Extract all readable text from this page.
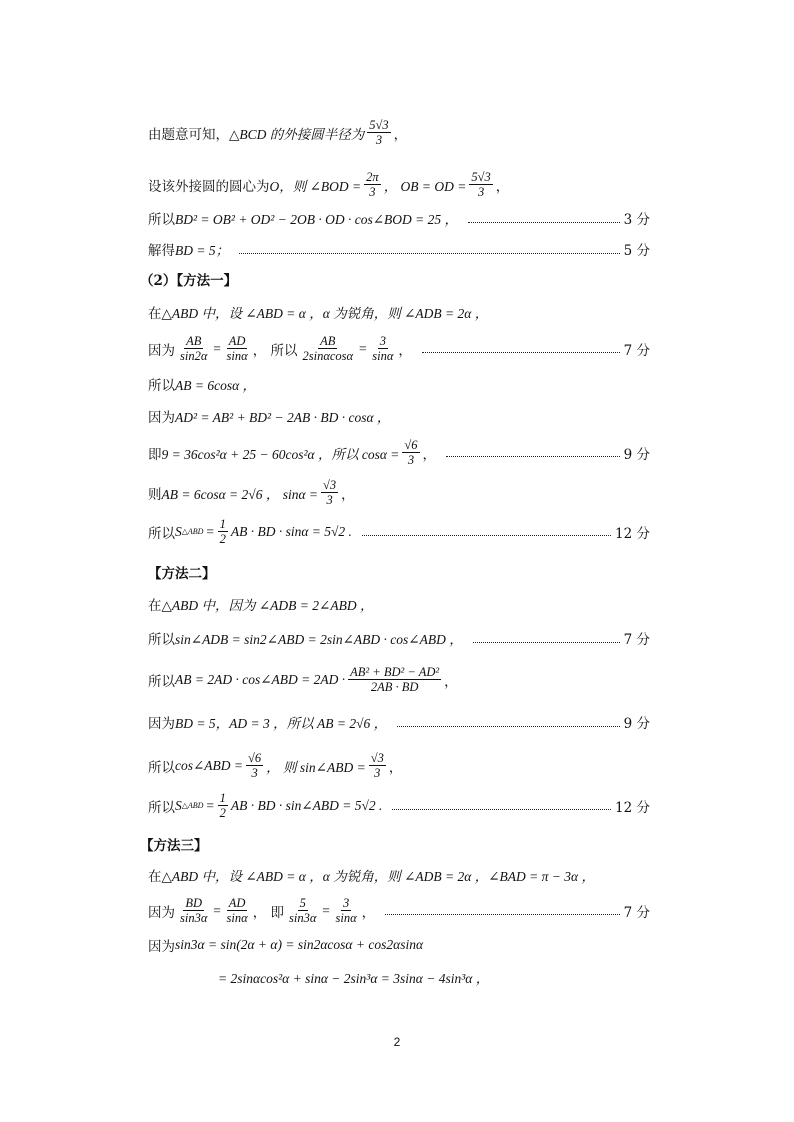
由题意可知， △BCD 的外接圆半径为 $\frac{5√3}{3}$ ，
设该外接圆的圆心为 O，则 ∠BOD = $\frac{2\pi}{3}$ ， OB = OD = $\frac{5√3}{3}$ ，
所以 BD² = OB² + OD² − 2OB · OD · cos∠BOD = 25 ，	3 分
解得 BD = 5；	5 分
（2）【方法一】
在 △ABD 中，设 ∠ABD = α ，α 为锐角，则 ∠ADB = 2α ，
因为 $\frac{AB}{\sin 2\alpha} = \frac{AD}{\sin\alpha}$ ， 所以 $\frac{AB}{2\sin\alpha\cos\alpha} = \frac{3}{\sin\alpha}$ ，	7 分
所以 AB = 6cosα ，
因为 AD² = AB² + BD² − 2AB · BD · cosα ，
即 9 = 36cos²α + 25 − 60cos²α ，所以 $\cos\alpha = \frac{√6}{3}$ ，	9 分
则 AB = 6cosα = 2√6 ， $\sin\alpha = \frac{√3}{3}$ ，
所以 S △ABD = $\frac{1}{2}$ AB · BD · sinα = 5√2 .	12 分
【方法二】
在 △ABD 中，因为 ∠ADB = 2∠ABD ，
所以 sin∠ADB = sin2∠ABD = 2sin∠ABD · cos∠ABD ，	7 分
所以 AB = 2AD · cos∠ABD = $2AD \cdot \frac{\text{AB² + BD² − AD²}}{2AB \cdot BD}$ ，
因为 BD = 5，AD = 3 ，所以 AB = 2√6 ，	9 分
所以 cos∠ABD = $\frac{√6}{3}$ ， 则 sin∠ABD = $\frac{√3}{3}$ ，
所以 S △ABD = $\frac{1}{2}$ AB · BD · sin∠ABD = 5√2 .	12 分
【方法三】
在 △ABD 中，设 ∠ABD = α ，α 为锐角，则 ∠ADB = 2α ，∠BAD = π − 3α ，
因为 $\frac{BD}{\sin 3\alpha} = \frac{AD}{\sin\alpha}$ ， 即 $\frac{5}{\sin 3\alpha} = \frac{3}{\sin\alpha}$ ，	7 分
因为 sin3α = sin(2α + α) = sin2αcosα + cos2αsinα
= 2sinαcos²α + sinα − 2sin³α = 3sinα − 4sin³α ，
2
